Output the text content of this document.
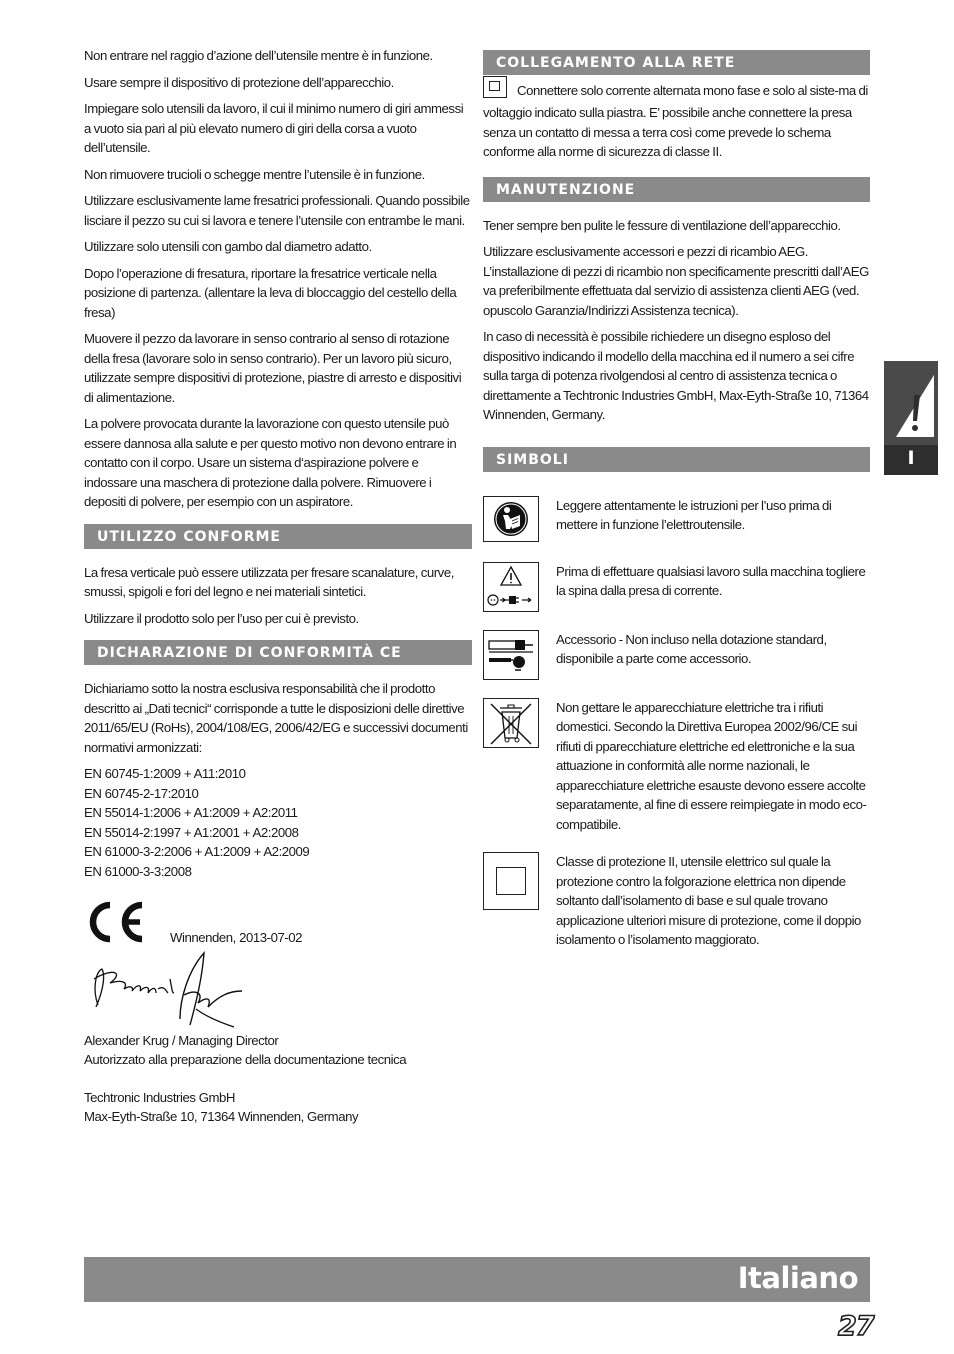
Non entrare nel raggio d’azione dell’utensile mentre è in funzione.

Usare sempre il dispositivo di protezione dell’apparecchio.

Impiegare solo utensili da lavoro, il cui il minimo numero di giri ammessi a vuoto sia pari al più elevato numero di giri della corsa a vuoto dell’utensile.

Non rimuovere trucioli o schegge mentre l’utensile è in funzione.

Utilizzare esclusivamente lame fresatrici professionali. Quando possibile lisciare il pezzo su cui si lavora e tenere l’utensile con entrambe le mani.

Utilizzare solo utensili con gambo dal diametro adatto.

Dopo l’operazione di fresatura, riportare la fresatrice verticale nella posizione di partenza. (allentare la leva di bloccaggio del cestello della fresa)

Muovere il pezzo da lavorare in senso contrario al senso di rotazione della fresa (lavorare solo in senso contrario). Per un lavoro più sicuro, utilizzate sempre dispositivi di protezione, piastre di arresto e dispositivi di alimentazione.

La polvere provocata durante la lavorazione con questo utensile può essere dannosa alla salute e per questo motivo non devono entrare in contatto con il corpo. Usare un sistema d‘aspirazione polvere e indossare una maschera di protezione dalla polvere. Rimuovere i depositi di polvere, per esempio con un aspiratore.

UTILIZZO CONFORME

La fresa verticale può essere utilizzata per fresare scanalature, curve, smussi, spigoli e fori del legno e nei materiali sintetici.

Utilizzare il prodotto solo per l’uso per cui è previsto.

DICHARAZIONE DI CONFORMITÀ CE

Dichiariamo sotto la nostra esclusiva responsabilità che il prodotto descritto ai „Dati tecnici“ corrisponde a tutte le disposizioni delle direttive 2011/65/EU (RoHs), 2004/108/EG, 2006/42/EG e successivi documenti normativi armonizzati:

EN 60745-1:2009 + A11:2010
EN 60745-2-17:2010
EN 55014-1:2006 + A1:2009 + A2:2011
EN 55014-2:1997 + A1:2001 + A2:2008
EN 61000-3-2:2006 + A1:2009 + A2:2009
EN 61000-3-3:2008
Winnenden, 2013-07-02
Alexander Krug / Managing Director
Autorizzato alla preparazione della documentazione tecnica
Techtronic Industries GmbH
Max-Eyth-Straße 10, 71364 Winnenden, Germany
COLLEGAMENTO ALLA RETE

Connettere solo corrente alternata mono fase e solo al siste-ma di voltaggio indicato sulla piastra. E’ possibile anche connettere la presa senza un contatto di messa a terra così come prevede lo schema conforme alla norme di sicurezza di classe II.

MANUTENZIONE

Tener sempre ben pulite le fessure di ventilazione dell’apparecchio.

Utilizzare esclusivamente accessori e pezzi di ricambio AEG. L’installazione di pezzi di ricambio non specificamente prescritti dall’AEG va preferibilmente effettuata dal servizio di assistenza clienti AEG (ved. opuscolo Garanzia/Indirizzi Assistenza tecnica).

In caso di necessità è possibile richiedere un disegno esploso del dispositivo indicando il modello della macchina ed il numero a sei cifre sulla targa di potenza rivolgendosi al centro di assistenza tecnica o direttamente a Techtronic Industries GmbH, Max-Eyth-Straße 10, 71364 Winnenden, Germany.

SIMBOLI

Leggere attentamente le istruzioni per l’uso prima di mettere in funzione l’elettroutensile.

Prima di effettuare qualsiasi lavoro sulla macchina togliere la spina dalla presa di corrente.

Accessorio - Non incluso nella dotazione standard, disponibile a parte come accessorio.

Non gettare le apparecchiature elettriche tra i rifiuti domestici. Secondo la Direttiva Europea 2002/96/CE sui rifiuti di pparecchiature elettriche ed elettroniche e la sua attuazione in conformità alle norme nazionali, le apparecchiature elettriche esauste devono essere accolte separatamente, al fine di essere reimpiegate in modo eco-compatibile.

Classe di protezione II, utensile elettrico sul quale la protezione contro la folgorazione elettrica non dipende soltanto dall’isolamento di base e sul quale trovano applicazione ulteriori misure di protezione, come il doppio isolamento o l’isolamento maggiorato.

I
Italiano
27
